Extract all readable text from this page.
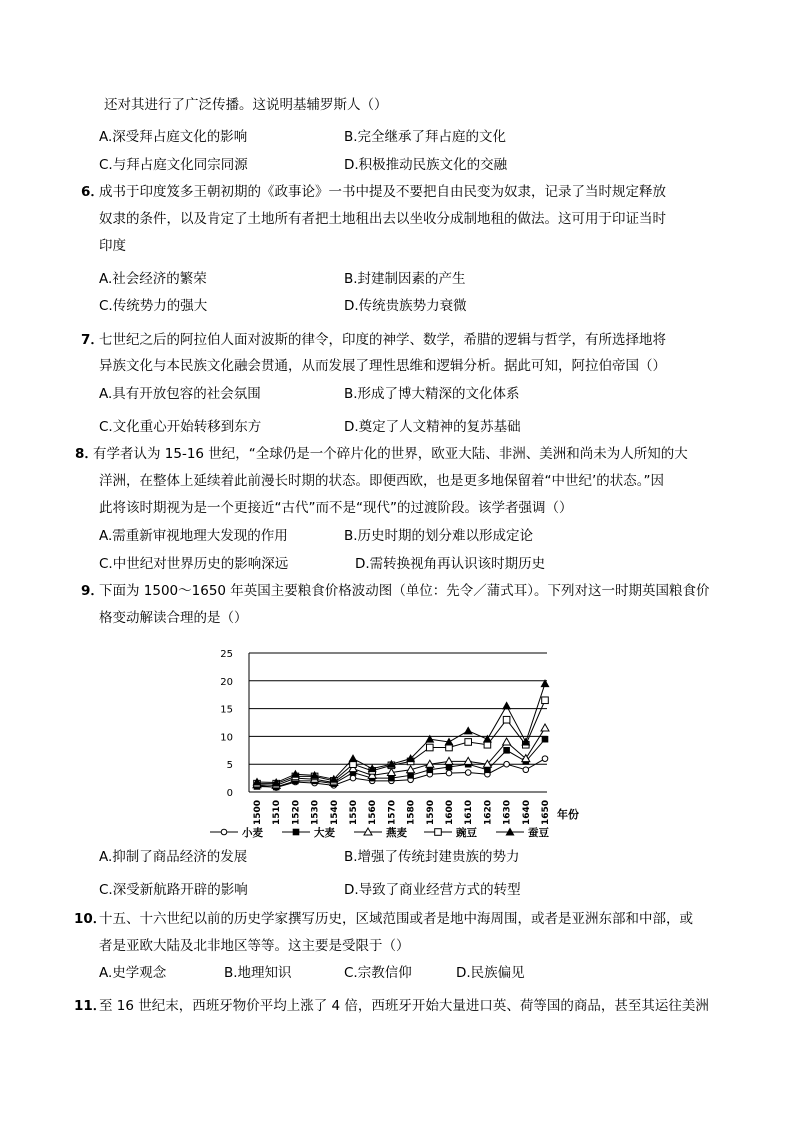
还对其进行了广泛传播。这说明基辅罗斯人（）
A.深受拜占庭文化的影响	B.完全继承了拜占庭的文化
C.与拜占庭文化同宗同源	D.积极推动民族文化的交融
6．
成书于印度笈多王朝初期的《政事论》一书中提及不要把自由民变为奴隶，记录了当时规定释放
奴隶的条件，以及肯定了土地所有者把土地租出去以坐收分成制地租的做法。这可用于印证当时
印度
A.社会经济的繁荣	B.封建制因素的产生
C.传统势力的强大	D.传统贵族势力衰微
7．
七世纪之后的阿拉伯人面对波斯的律令，印度的神学、数学，希腊的逻辑与哲学，有所选择地将
异族文化与本民族文化融会贯通，从而发展了理性思维和逻辑分析。据此可知，阿拉伯帝国（）
A.具有开放包容的社会氛围	B.形成了博大精深的文化体系
C.文化重心开始转移到东方	D.奠定了人文精神的复苏基础
8．
有学者认为 15-16 世纪，“全球仍是一个碎片化的世界，欧亚大陆、非洲、美洲和尚未为人所知的大
洋洲，在整体上延续着此前漫长时期的状态。即便西欧，也是更多地保留着“中世纪’的状态。”因
此将该时期视为是一个更接近“古代”而不是“现代”的过渡阶段。该学者强调（）
A.需重新审视地理大发现的作用	B.历史时期的划分难以形成定论
C.中世纪对世界历史的影响深远	D.需转换视角再认识该时期历史
9．
下面为 1500～1650 年英国主要粮食价格波动图（单位：先令／蒲式耳）。下列对这一时期英国粮食价
格变动解读合理的是（）
0
5
10
15
20
25
1500 1510 1520 1530 1540 1550 1560 1570 1580 1590 1600 1610 1620 1630 1640 1650 年份
小麦	大麦	燕麦	豌豆	蚕豆
A.抑制了商品经济的发展	B.增强了传统封建贵族的势力
C.深受新航路开辟的影响	D.导致了商业经营方式的转型
10．
十五、十六世纪以前的历史学家撰写历史，区域范围或者是地中海周围，或者是亚洲东部和中部，或
者是亚欧大陆及北非地区等等。这主要是受限于（）
A.史学观念	B.地理知识	C.宗教信仰	D.民族偏见
11．
至 16 世纪末，西班牙物价平均上涨了 4 倍，西班牙开始大量进口英、荷等国的商品，甚至其运往美洲
